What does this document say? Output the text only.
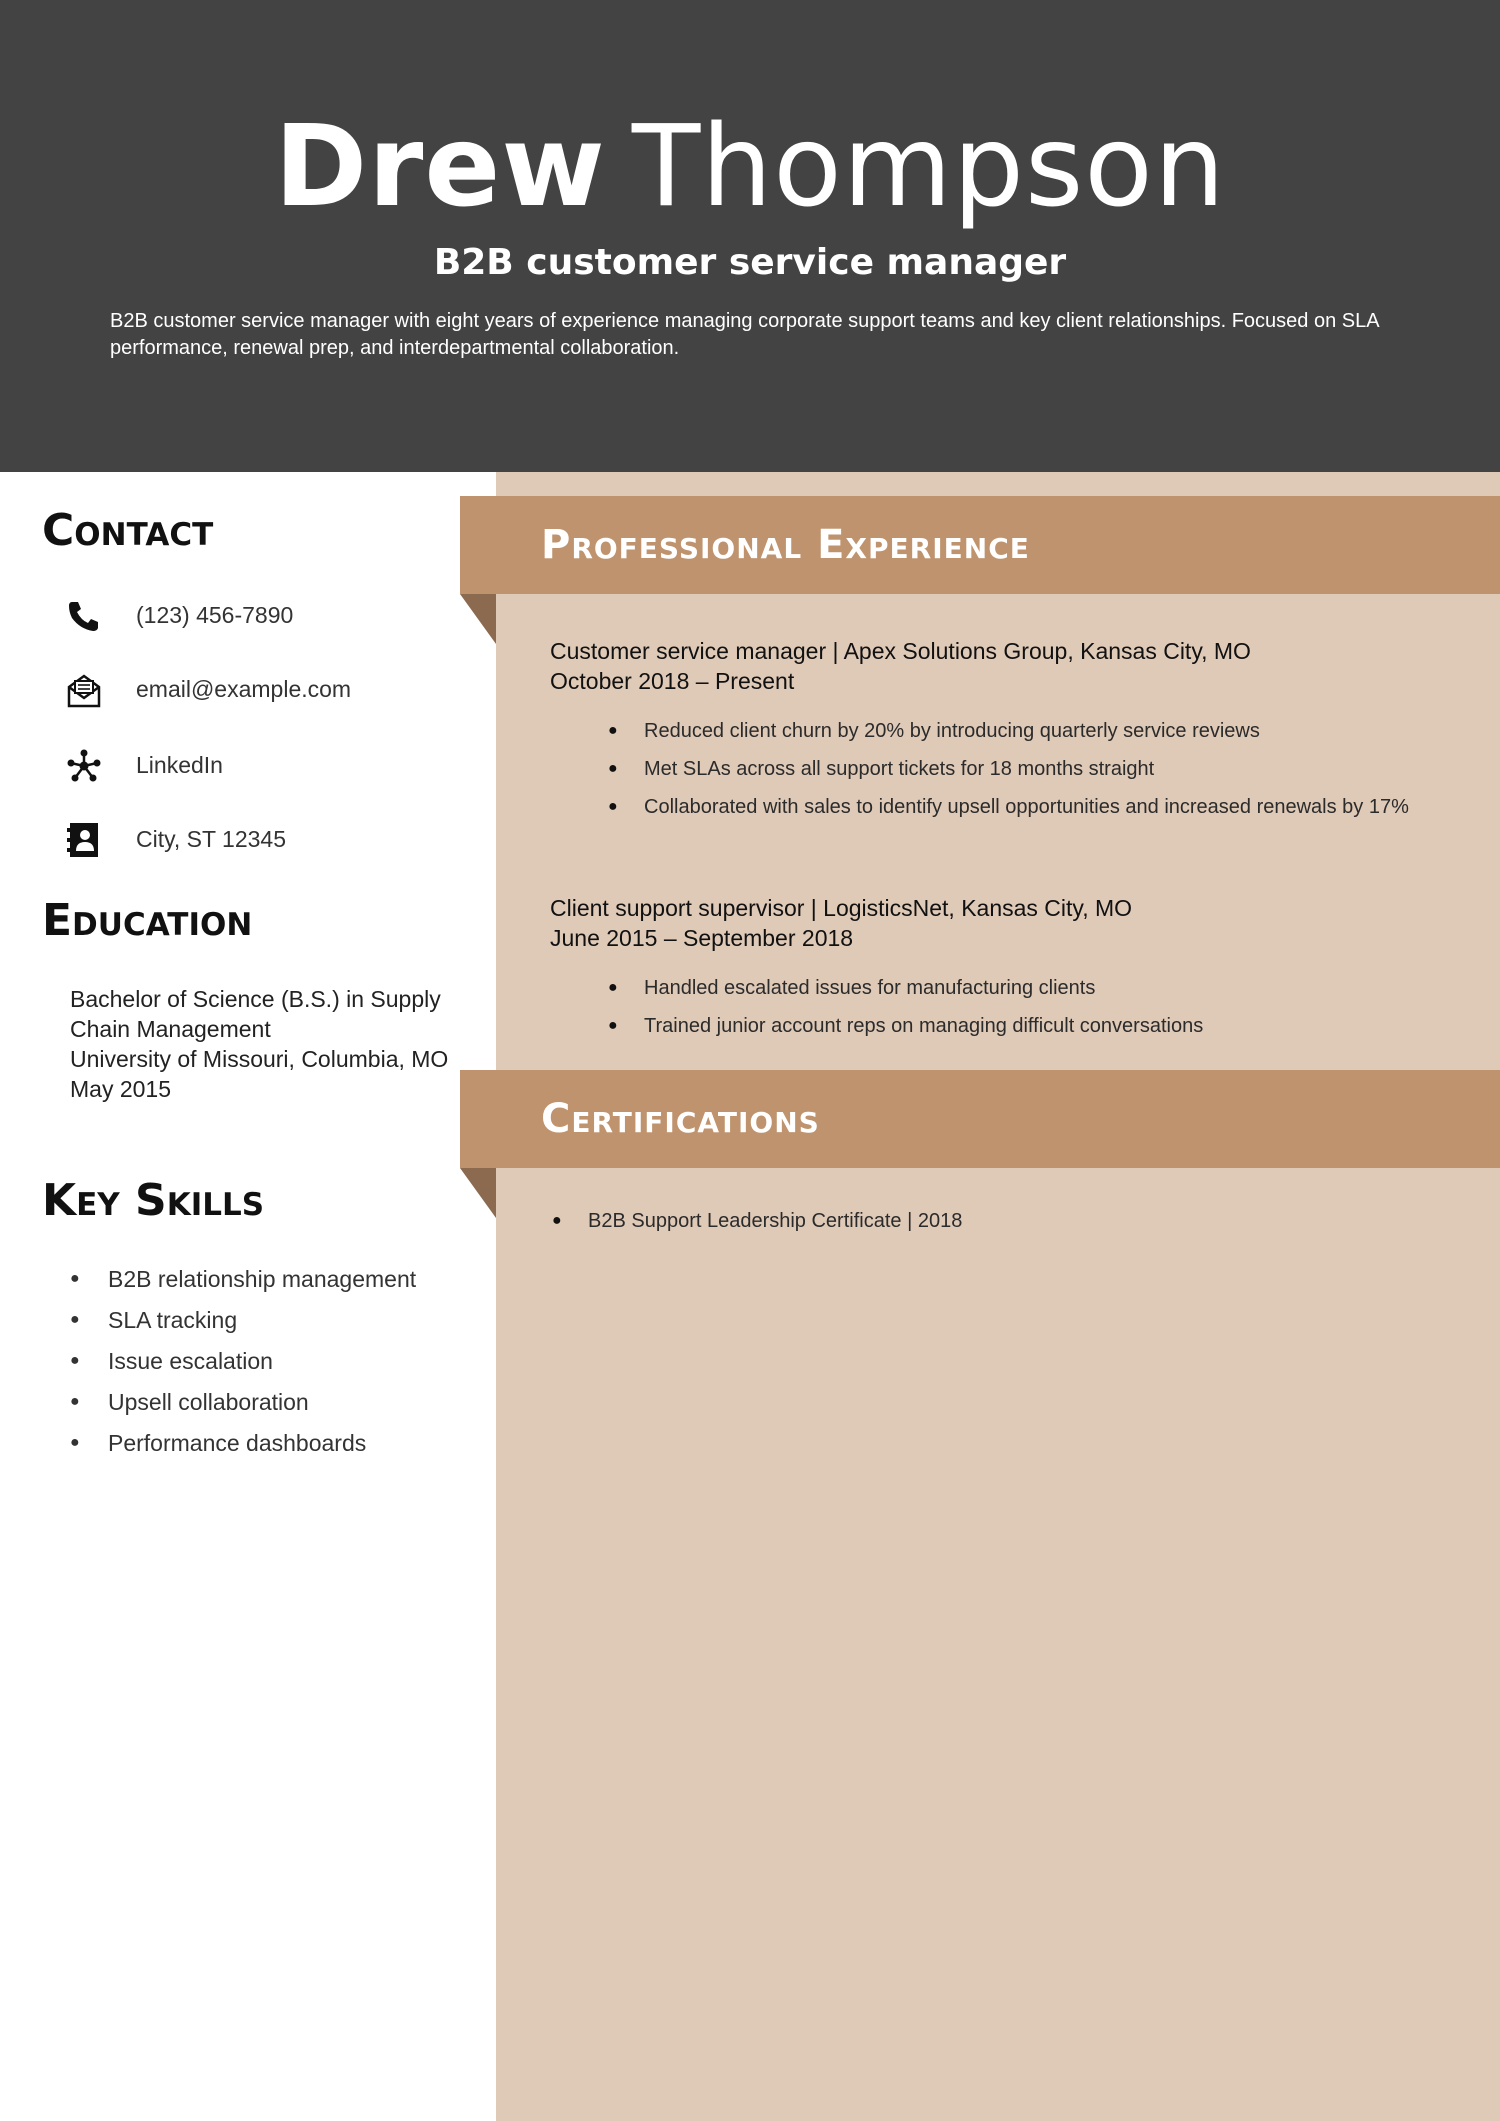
Drew Thompson
B2B customer service manager
B2B customer service manager with eight years of experience managing corporate support teams and key client relationships. Focused on SLA performance, renewal prep, and interdepartmental collaboration.
Professional Experience
Customer service manager | Apex Solutions Group, Kansas City, MO
October 2018 – Present
● Reduced client churn by 20% by introducing quarterly service reviews
● Met SLAs across all support tickets for 18 months straight
● Collaborated with sales to identify upsell opportunities and increased renewals by 17%
Client support supervisor | LogisticsNet, Kansas City, MO
June 2015 – September 2018
● Handled escalated issues for manufacturing clients
● Trained junior account reps on managing difficult conversations
Certifications
● B2B Support Leadership Certificate | 2018
Contact
(123) 456-7890
email@example.com
LinkedIn
City, ST 12345
Education
Bachelor of Science (B.S.) in Supply Chain Management
University of Missouri, Columbia, MO
May 2015
Key Skills
● B2B relationship management
● SLA tracking
● Issue escalation
● Upsell collaboration
● Performance dashboards
